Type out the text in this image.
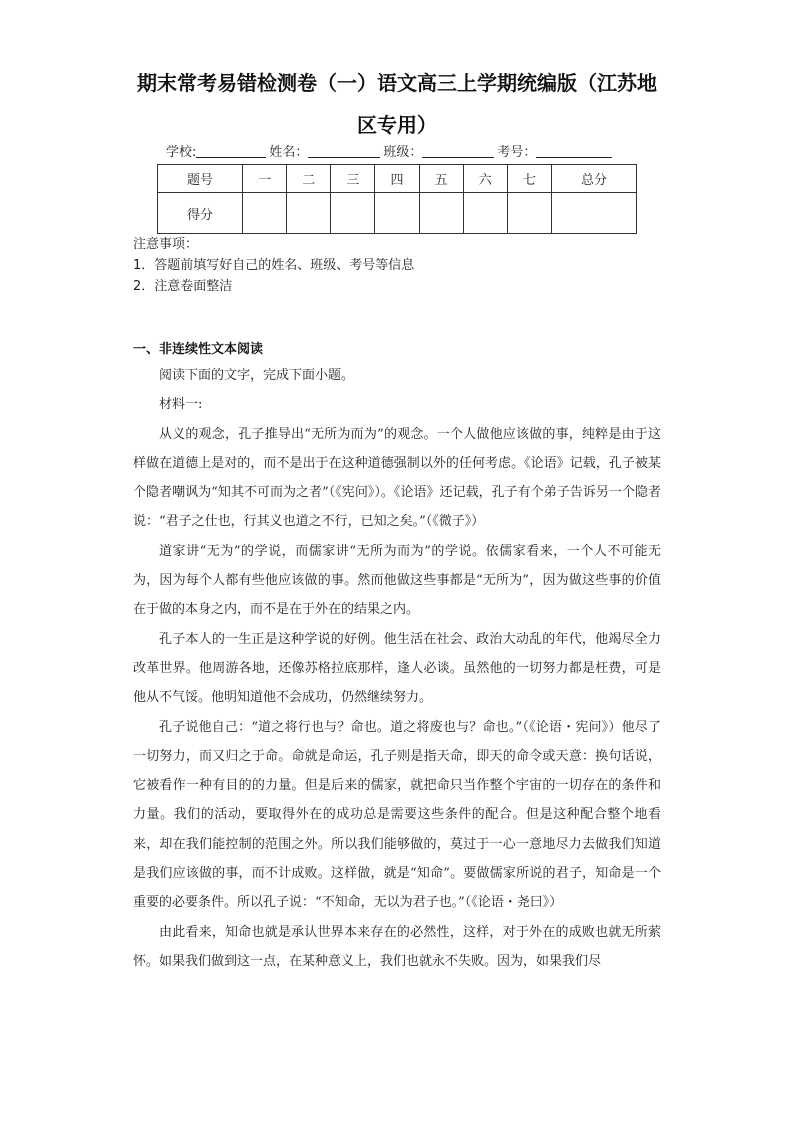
期末常考易错检测卷（一）语文高三上学期统编版（江苏地
区专用）
学校:	姓名：	班级：	考号：
题号	一	二	三	四	五	六	七	总分
得分								

注意事项：

1．答题前填写好自己的姓名、班级、考号等信息

2．注意卷面整洁

一、非连续性文本阅读

阅读下面的文字，完成下面小题。

材料一:

从义的观念，孔子推导出“无所为而为”的观念。一个人做他应该做的事，纯粹是由于这样做在道德上是对的，而不是出于在这种道德强制以外的任何考虑。《论语》记载，孔子被某个隐者嘲讽为“知其不可而为之者”（《宪问》）。《论语》还记载，孔子有个弟子告诉另一个隐者说：“君子之仕也，行其义也道之不行，已知之矣。”（《微子》）

道家讲“无为”的学说，而儒家讲“无所为而为”的学说。依儒家看来，一个人不可能无为，因为每个人都有些他应该做的事。然而他做这些事都是“无所为”，因为做这些事的价值在于做的本身之内，而不是在于外在的结果之内。

孔子本人的一生正是这种学说的好例。他生活在社会、政治大动乱的年代，他竭尽全力改革世界。他周游各地，还像苏格拉底那样，逢人必谈。虽然他的一切努力都是枉费，可是他从不气馁。他明知道他不会成功，仍然继续努力。

孔子说他自己：“道之将行也与？命也。道之将废也与？命也。”（《论语・宪问》）他尽了一切努力，而又归之于命。命就是命运，孔子则是指天命，即天的命令或天意：换句话说，它被看作一种有目的的力量。但是后来的儒家，就把命只当作整个宇宙的一切存在的条件和力量。我们的活动，要取得外在的成功总是需要这些条件的配合。但是这种配合整个地看来，却在我们能控制的范围之外。所以我们能够做的，莫过于一心一意地尽力去做我们知道是我们应该做的事，而不计成败。这样做，就是“知命”。要做儒家所说的君子，知命是一个重要的必要条件。所以孔子说：“不知命，无以为君子也。”（《论语・尧曰》）

由此看来，知命也就是承认世界本来存在的必然性，这样，对于外在的成败也就无所萦怀。如果我们做到这一点，在某种意义上，我们也就永不失败。因为，如果我们尽
